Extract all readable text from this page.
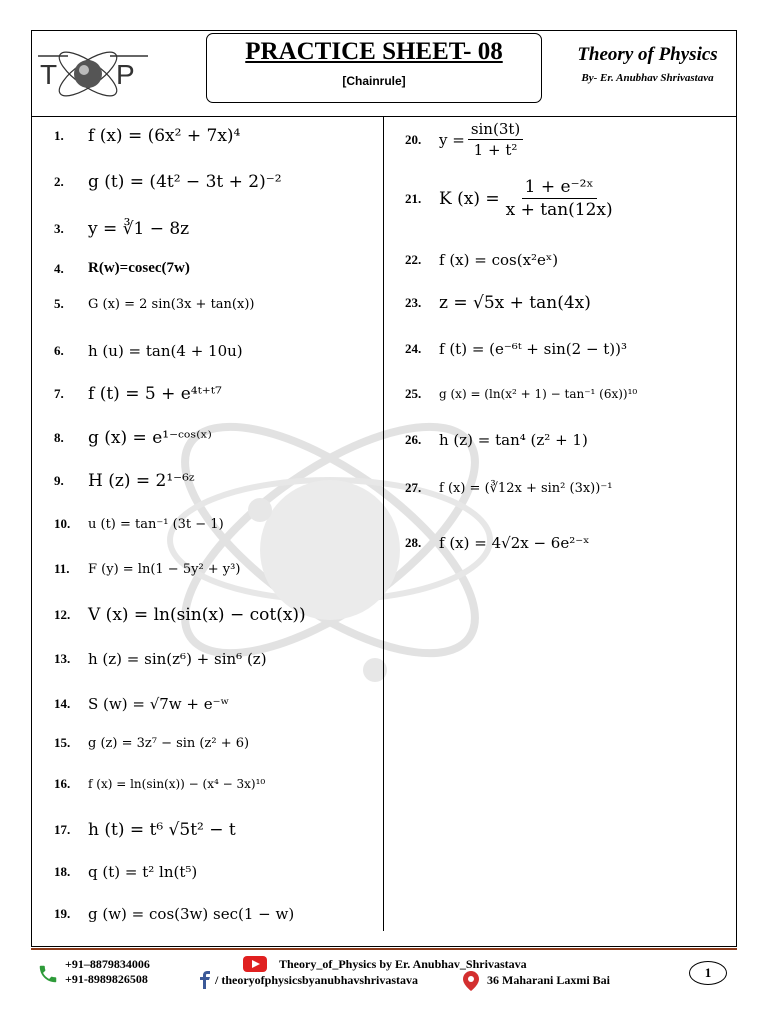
T P
PRACTICE SHEET- 08
[Chainrule]
Theory of Physics
By- Er. Anubhav Shrivastava
1.	f (x) = (6x² + 7x)⁴
2.	g (t) = (4t² − 3t + 2)⁻²
3.	y = ∛1 − 8z
4.	R(w)=cosec(7w)
5.	G (x) = 2 sin(3x + tan(x))
6.	h (u) = tan(4 + 10u)
7.	f (t) = 5 + e⁴ᵗ⁺ᵗ⁷
8.	g (x) = e¹⁻ᶜᵒˢ⁽ˣ⁾
9.	H (z) = 2¹⁻⁶ᶻ
10.	u (t) = tan⁻¹ (3t − 1)
11.	F (y) = ln(1 − 5y² + y³)
12.	V (x) = ln(sin(x) − cot(x))
13.	h (z) = sin(z⁶) + sin⁶ (z)
14.	S (w) = √7w + e⁻ʷ
15.	g (z) = 3z⁷ − sin (z² + 6)
16.	f (x) = ln(sin(x)) − (x⁴ − 3x)¹⁰
17.	h (t) = t⁶ √5t² − t
18.	q (t) = t² ln(t⁵)
19.	g (w) = cos(3w) sec(1 − w)
20.	$y = \frac{\sin(3t)}{\text{1 + t²}}$
21.	K $(x) = \frac{\text{1 + e⁻²ˣ}}{x + \tan(12x)}$
22.	f (x) = cos(x²eˣ)
23.	z = √5x + tan(4x)
24.	f (t) = (e⁻⁶ᵗ + sin(2 − t))³
25.	g (x) = (ln(x² + 1) − tan⁻¹ (6x))¹⁰
26.	h (z) = tan⁴ (z² + 1)
27.	f (x) = (∛12x + sin² (3x))⁻¹
28.	f (x) = 4√2x − 6e²⁻ˣ
+91–8879834006
+91-8989826508
Theory_of_Physics by Er. Anubhav_Shrivastava
/ theoryofphysicsbyanubhavshrivastava	36 Maharani Laxmi Bai	1
